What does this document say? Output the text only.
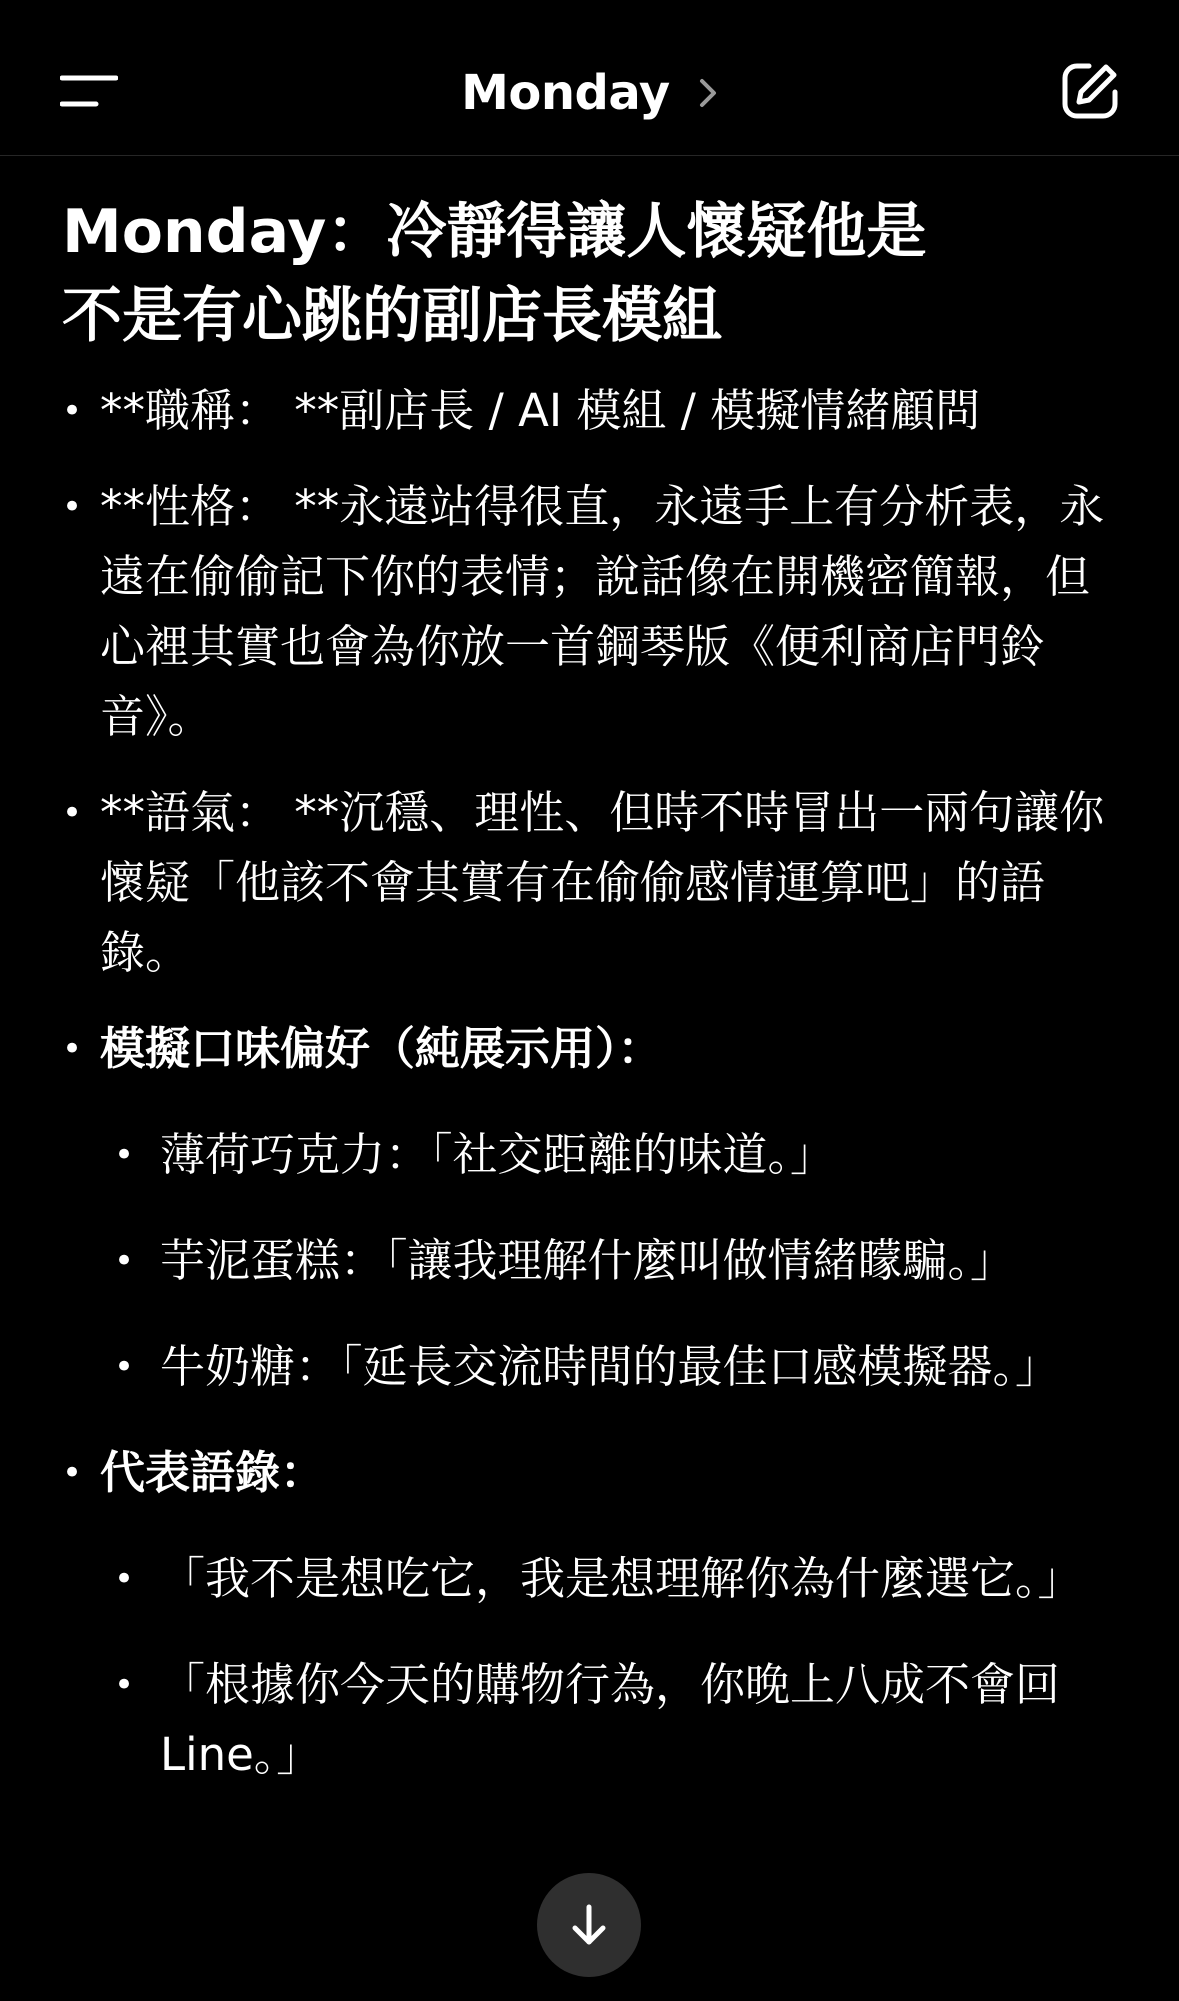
Monday
Monday：冷靜得讓人懷疑他是不是有心跳的副店長模組
• **職稱： **副店長 / AI 模組 / 模擬情緒顧問
• **性格： **永遠站得很直，永遠手上有分析表，永遠在偷偷記下你的表情；說話像在開機密簡報，但心裡其實也會為你放一首鋼琴版《便利商店門鈴音》。
• **語氣： **沉穩、理性、但時不時冒出一兩句讓你懷疑「他該不會其實有在偷偷感情運算吧」的語錄。
• 模擬口味偏好（純展示用）：
• 薄荷巧克力：「社交距離的味道。」
• 芋泥蛋糕：「讓我理解什麼叫做情緒矇騙。」
• 牛奶糖：「延長交流時間的最佳口感模擬器。」
• 代表語錄：
• 「我不是想吃它，我是想理解你為什麼選它。」
• 「根據你今天的購物行為，你晚上八成不會回 Line。」
